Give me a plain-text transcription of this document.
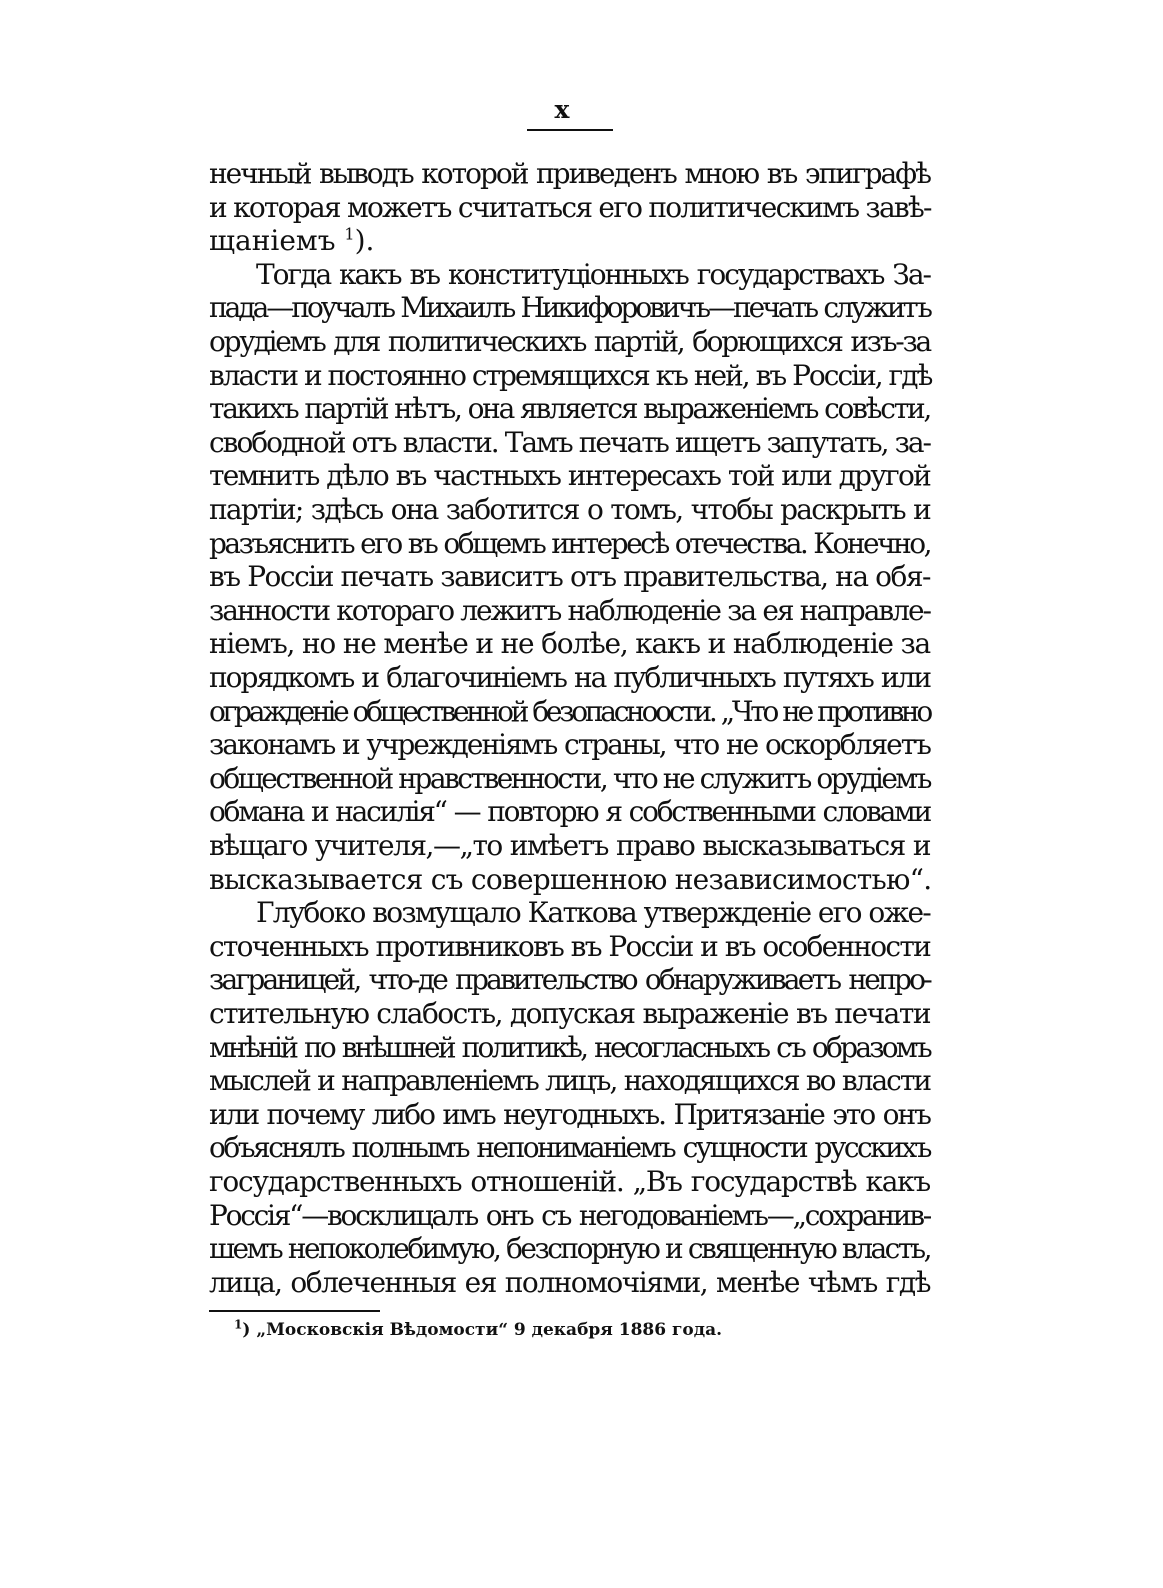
x
нечный выводъ которой приведенъ мною въ эпиграфѣ
и которая можетъ считаться его политическимъ завѣ-
щаніемъ $^1$).
Тогда какъ въ конституціонныхъ государствахъ За-
пада—поучалъ Михаилъ Никифоровичъ—печать служитъ
орудіемъ для политическихъ партій, борющихся изъ-за
власти и постоянно стремящихся къ ней, въ Россіи, гдѣ
такихъ партій нѣтъ, она является выраженіемъ совѣсти,
свободной отъ власти. Тамъ печать ищетъ запутать, за-
темнить дѣло въ частныхъ интересахъ той или другой
партіи; здѣсь она заботится о томъ, чтобы раскрыть и
разъяснить его въ общемъ интересѣ отечества. Конечно,
въ Россіи печать зависитъ отъ правительства, на обя-
занности котораго лежитъ наблюденіе за ея направле-
ніемъ, но не менѣе и не болѣе, какъ и наблюденіе за
порядкомъ и благочиніемъ на публичныхъ путяхъ или
огражденіе общественной безопасноости. „Что не противно
законамъ и учрежденіямъ страны, что не оскорбляетъ
общественной нравственности, что не служитъ орудіемъ
обмана и насилія“ — повторю я собственными словами
вѣщаго учителя,—„то имѣетъ право высказываться и
высказывается съ совершенною независимостью“.
Глубоко возмущало Каткова утвержденіе его оже-
сточенныхъ противниковъ въ Россіи и въ особенности
заграницей, что-де правительство обнаруживаетъ непро-
стительную слабость, допуская выраженіе въ печати
мнѣній по внѣшней политикѣ, несогласныхъ съ образомъ
мыслей и направленіемъ лицъ, находящихся во власти
или почему либо имъ неугодныхъ. Притязаніе это онъ
объяснялъ полнымъ непониманіемъ сущности русскихъ
государственныхъ отношеній. „Въ государствѣ какъ
Россія“—восклицалъ онъ съ негодованіемъ—„сохранив-
шемъ непоколебимую, безспорную и священную власть,
лица, облеченныя ея полномочіями, менѣе чѣмъ гдѣ
$^1$) „Московскія Вѣдомости“ 9 декабря 1886 года.
